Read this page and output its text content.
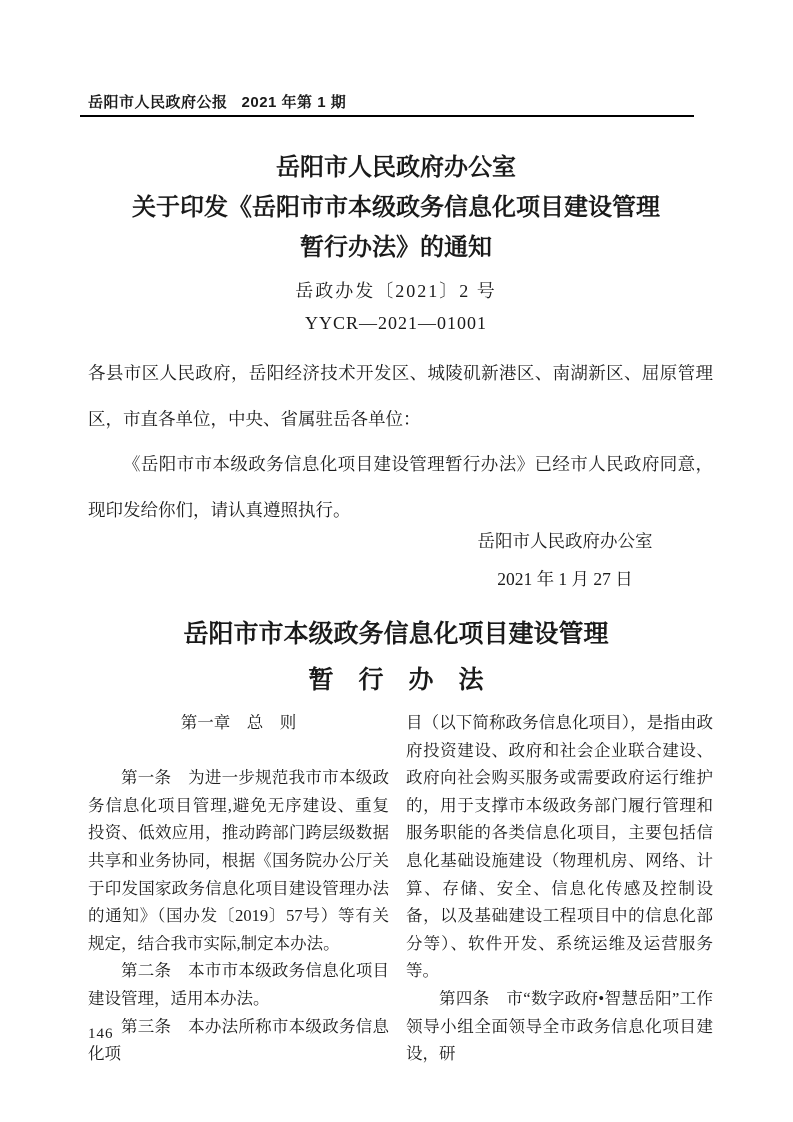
岳阳市人民政府公报 2021 年第 1 期
岳阳市人民政府办公室
关于印发《岳阳市市本级政务信息化项目建设管理
暂行办法》的通知
岳政办发〔2021〕2 号
YYCR—2021—01001

各县市区人民政府，岳阳经济技术开发区、城陵矶新港区、南湖新区、屈原管理区，市直各单位，中央、省属驻岳各单位：

《岳阳市市本级政务信息化项目建设管理暂行办法》已经市人民政府同意，现印发给你们，请认真遵照执行。

岳阳市人民政府办公室
2021 年 1 月 27 日
岳阳市市本级政务信息化项目建设管理
暂　行　办　法
第一章　总　则

第一条　为进一步规范我市市本级政务信息化项目管理,避免无序建设、重复投资、低效应用，推动跨部门跨层级数据共享和业务协同，根据《国务院办公厅关于印发国家政务信息化项目建设管理办法的通知》（国办发〔2019〕57号）等有关规定，结合我市实际,制定本办法。

第二条　本市市本级政务信息化项目建设管理，适用本办法。

第三条　本办法所称市本级政务信息化项

目（以下简称政务信息化项目），是指由政府投资建设、政府和社会企业联合建设、政府向社会购买服务或需要政府运行维护的，用于支撑市本级政务部门履行管理和服务职能的各类信息化项目，主要包括信息化基础设施建设（物理机房、网络、计算、存储、安全、信息化传感及控制设备，以及基础建设工程项目中的信息化部分等）、软件开发、系统运维及运营服务等。

第四条　市“数字政府•智慧岳阳”工作领导小组全面领导全市政务信息化项目建设，研

146
